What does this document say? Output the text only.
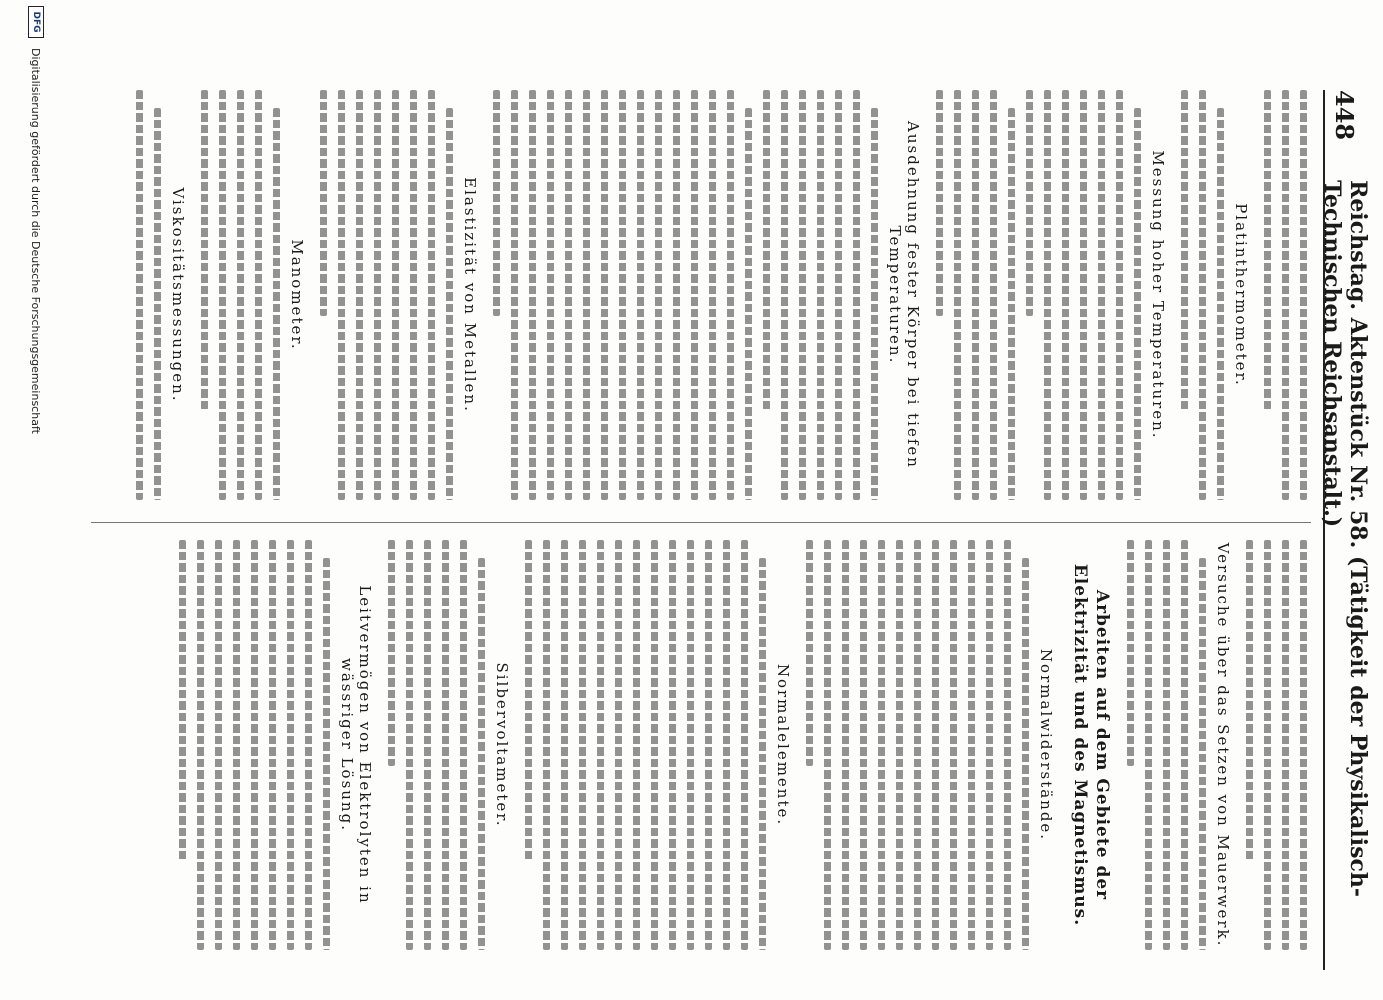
448
Reichstag. Aktenstück Nr. 58. (Tätigkeit der Physikalisch-Technischen Reichsanstalt.)
Platinthermometer.
Messung hoher Temperaturen.
Ausdehnung fester Körper bei tiefen Temperaturen.
Elastizität von Metallen.
Manometer.
Viskositätsmessungen.
Versuche über das Setzen von Mauerwerk.
Arbeiten auf dem Gebiete der Elektrizität und des Magnetismus.
Normalwiderstände.
Normalelemente.
Silbervoltameter.
Leitvermögen von Elektrolyten in wässriger Lösung.
DFG
Digitalisierung gefördert durch die Deutsche Forschungsgemeinschaft
